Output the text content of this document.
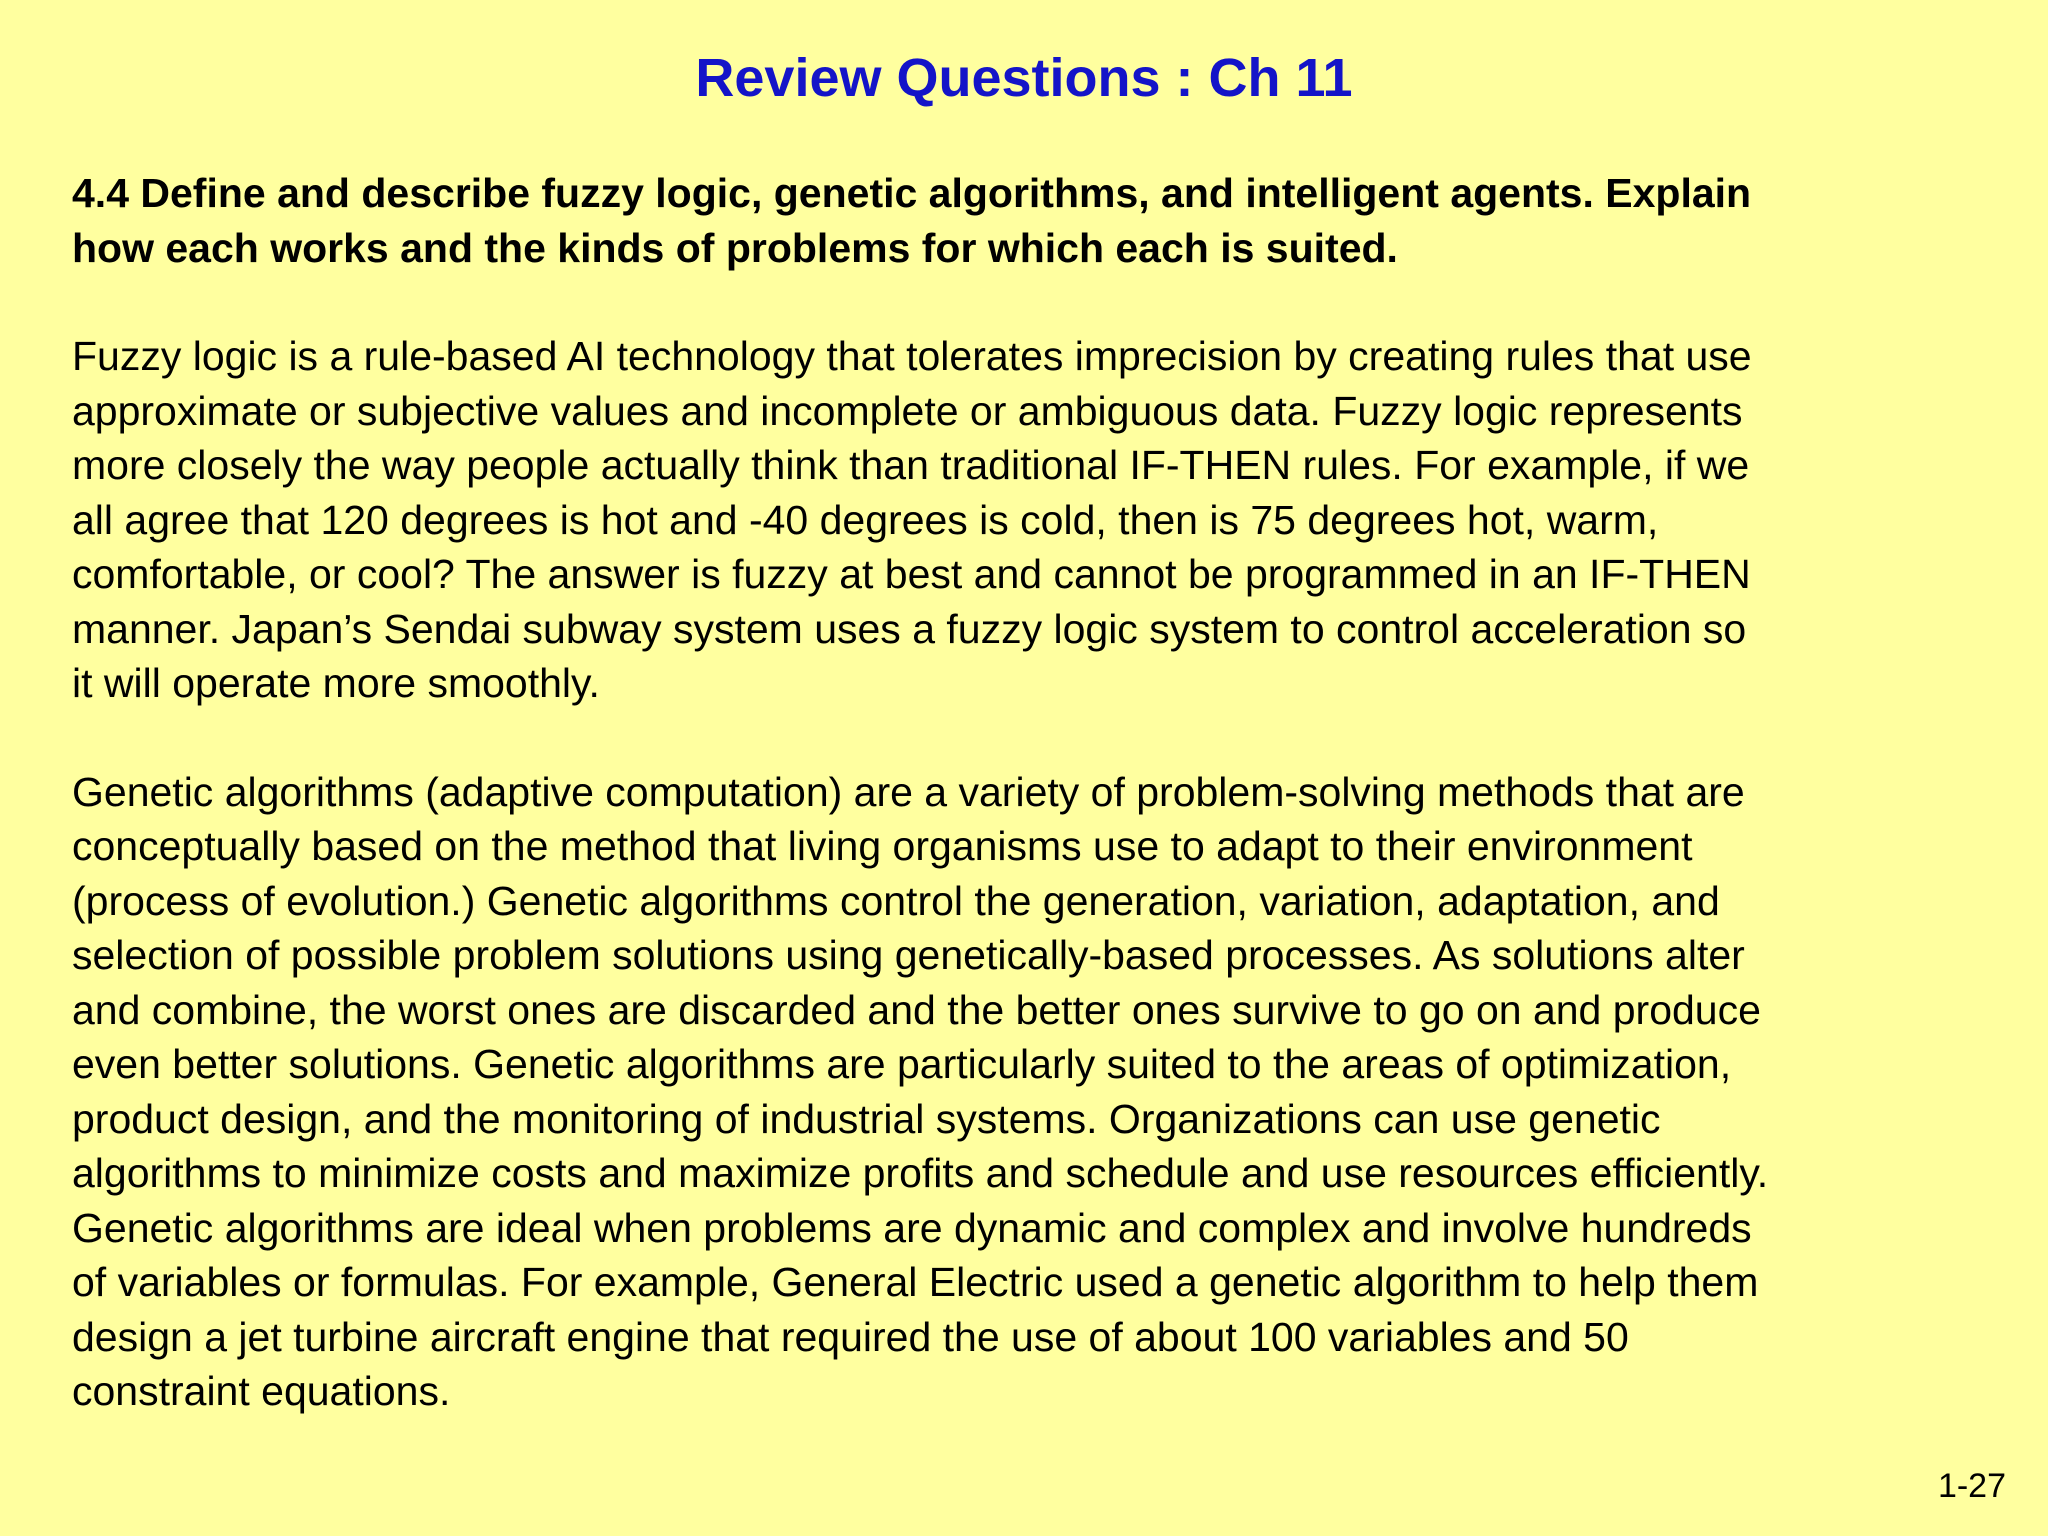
Review Questions : Ch 11
4.4 Define and describe fuzzy logic, genetic algorithms, and intelligent agents. Explain
how each works and the kinds of problems for which each is suited.
Fuzzy logic is a rule-based AI technology that tolerates imprecision by creating rules that use
approximate or subjective values and incomplete or ambiguous data. Fuzzy logic represents
more closely the way people actually think than traditional IF-THEN rules. For example, if we
all agree that 120 degrees is hot and -40 degrees is cold, then is 75 degrees hot, warm,
comfortable, or cool? The answer is fuzzy at best and cannot be programmed in an IF-THEN
manner. Japan’s Sendai subway system uses a fuzzy logic system to control acceleration so
it will operate more smoothly.
Genetic algorithms (adaptive computation) are a variety of problem-solving methods that are
conceptually based on the method that living organisms use to adapt to their environment
(process of evolution.) Genetic algorithms control the generation, variation, adaptation, and
selection of possible problem solutions using genetically-based processes. As solutions alter
and combine, the worst ones are discarded and the better ones survive to go on and produce
even better solutions. Genetic algorithms are particularly suited to the areas of optimization,
product design, and the monitoring of industrial systems. Organizations can use genetic
algorithms to minimize costs and maximize profits and schedule and use resources efficiently.
Genetic algorithms are ideal when problems are dynamic and complex and involve hundreds
of variables or formulas. For example, General Electric used a genetic algorithm to help them
design a jet turbine aircraft engine that required the use of about 100 variables and 50
constraint equations.
1-27
